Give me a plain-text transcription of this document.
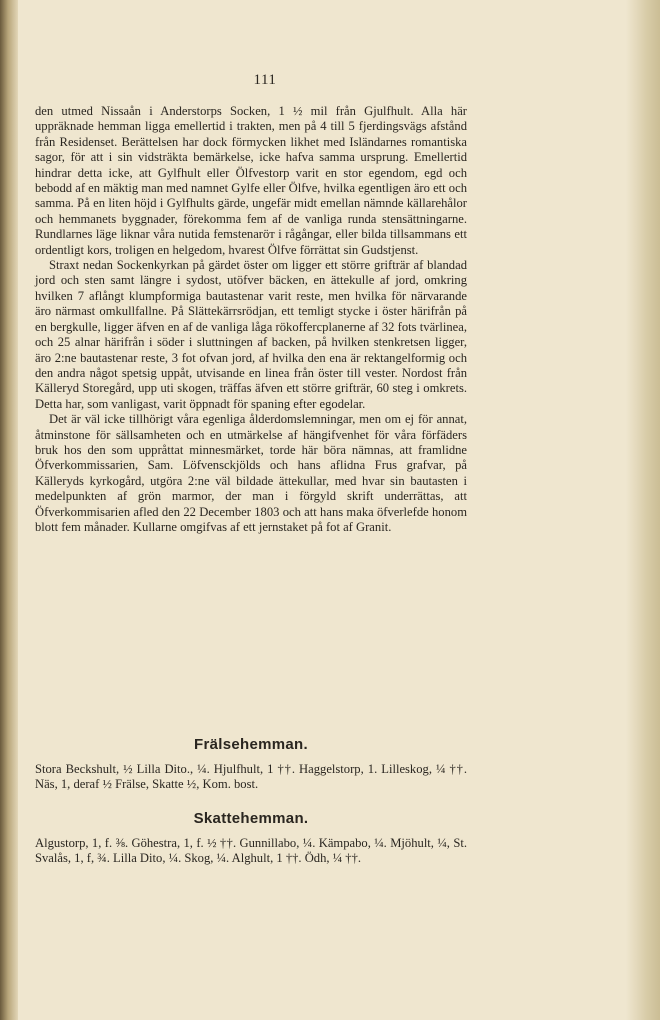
111

den utmed Nissaån i Anderstorps Socken, 1 ½ mil från Gjulfhult. Alla här uppräknade hemman ligga emellertid i trakten, men på 4 till 5 fjerdingsvägs afstånd från Residenset. Berättelsen har dock förmycken likhet med Isländarnes romantiska sagor, för att i sin vidsträkta bemärkelse, icke hafva samma ursprung. Emellertid hindrar detta icke, att Gylfhult eller Ölfvestorp varit en stor egendom, egd och bebodd af en mäktig man med namnet Gylfe eller Ölfve, hvilka egentligen äro ett och samma. På en liten höjd i Gylfhults gärde, ungefär midt emellan nämnde källarehålor och hemmanets byggnader, förekomma fem af de vanliga runda stensättningarne. Rundlarnes läge liknar våra nutida femstenaröт i rågångar, eller bilda tillsammans ett ordentligt kors, troligen en helgedom, hvarest Ölfve förrättat sin Gudstjenst.

Straxt nedan Sockenkyrkan på gärdet öster om ligger ett större grifträr af blandad jord och sten samt längre i sydost, utöfver bäcken, en ättekulle af jord, omkring hvilken 7 aflångt klumpformiga bautastenar varit reste, men hvilka för närvarande äro närmast omkullfallne. På Slättekärrsrödjan, ett temligt stycke i öster härifrån på en bergkulle, ligger äfven en af de vanliga lågа rökofferсplanerne af 32 fots tvärlinea, och 25 alnar härifrån i söder i sluttningen af backen, på hvilken stenkretsen ligger, äro 2:ne bautastenar reste, 3 fot ofvan jord, af hvilka den ena är rektangelformig och den andra något spetsig uppåt, utvisande en linea från öster till vester. Nordost från Källeryd Storegård, upp uti skogen, träffas äfven ett större grifträr, 60 steg i omkrets. Detta har, som vanligast, varit öppnadt för spaning efter egodelar.

Det är väl icke tillhörigt våra egenliga ålderdomslemningar, men om ej för annat, åtminstone för sällsamheten och en utmärkelse af hängifvenhet för våra förfäders bruk hos den som uppråttat minnesmärket, torde här böra nämnas, att framlidne Öfverkommissarien, Sam. Löfvensckjölds och hans aflidna Frus grafvar, på Källeryds kyrkogård, utgöra 2:ne väl bildade ättekullar, med hvar sin bautasten i medelpunkten af grön marmor, der man i förgyld skrift underrättas, att Öfverkommisarien afled den 22 December 1803 och att hans maka öfverlefde honom blott fem månader. Kullarne omgifvas af ett jernstaket på fot af Granit.

Frälsehemman.
Stora Beckshult, ½ Lilla Dito., ¼. Hjulfhult, 1 ††. Haggelstorp, 1. Lilleskog, ¼ ††. Näs, 1, deraf ½ Frälse, Skatte ½, Kom. bost.
Skattehemman.
Algustorp, 1, f. ⅜. Göhestra, 1, f. ½ ††. Gunnillabo, ¼. Kämpabo, ¼. Mjöhult, ¼, St. Svalås, 1, f, ¾. Lilla Dito, ¼. Skog, ¼. Alghult, 1 ††. Ödh, ¼ ††.
